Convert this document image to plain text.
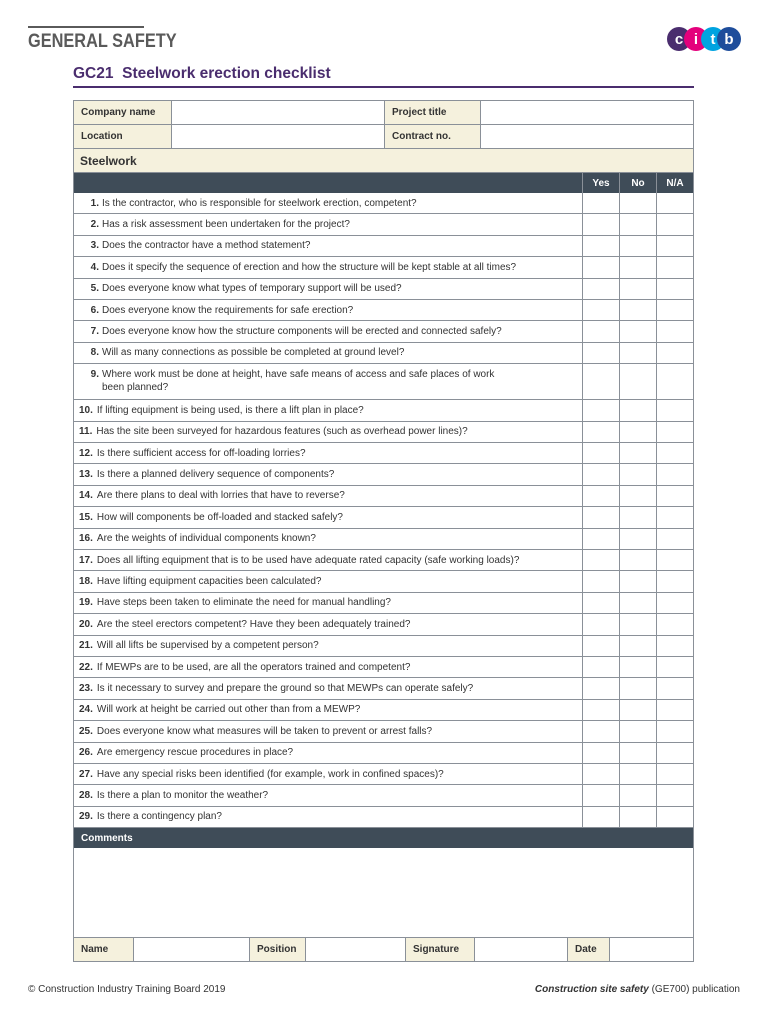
GENERAL SAFETY	c i t b
GC21 Steelwork erection checklist
Company name	Project title
Location	Contract no.
Steelwork
Yes	No	N/A
1. Is the contractor, who is responsible for steelwork erection, competent?
2. Has a risk assessment been undertaken for the project?
3. Does the contractor have a method statement?
4. Does it specify the sequence of erection and how the structure will be kept stable at all times?
5. Does everyone know what types of temporary support will be used?
6. Does everyone know the requirements for safe erection?
7. Does everyone know how the structure components will be erected and connected safely?
8. Will as many connections as possible be completed at ground level?
9. Where work must be done at height, have safe means of access and safe places of work
been planned?
10. If lifting equipment is being used, is there a lift plan in place?
11. Has the site been surveyed for hazardous features (such as overhead power lines)?
12. Is there sufficient access for off-loading lorries?
13. Is there a planned delivery sequence of components?
14. Are there plans to deal with lorries that have to reverse?
15. How will components be off-loaded and stacked safely?
16. Are the weights of individual components known?
17. Does all lifting equipment that is to be used have adequate rated capacity (safe working loads)?
18. Have lifting equipment capacities been calculated?
19. Have steps been taken to eliminate the need for manual handling?
20. Are the steel erectors competent? Have they been adequately trained?
21. Will all lifts be supervised by a competent person?
22. If MEWPs are to be used, are all the operators trained and competent?
23. Is it necessary to survey and prepare the ground so that MEWPs can operate safely?
24. Will work at height be carried out other than from a MEWP?
25. Does everyone know what measures will be taken to prevent or arrest falls?
26. Are emergency rescue procedures in place?
27. Have any special risks been identified (for example, work in confined spaces)?
28. Is there a plan to monitor the weather?
29. Is there a contingency plan?
Comments
Name	Position	Signature	Date
© Construction Industry Training Board 2019	Construction site safety (GE700) publication
